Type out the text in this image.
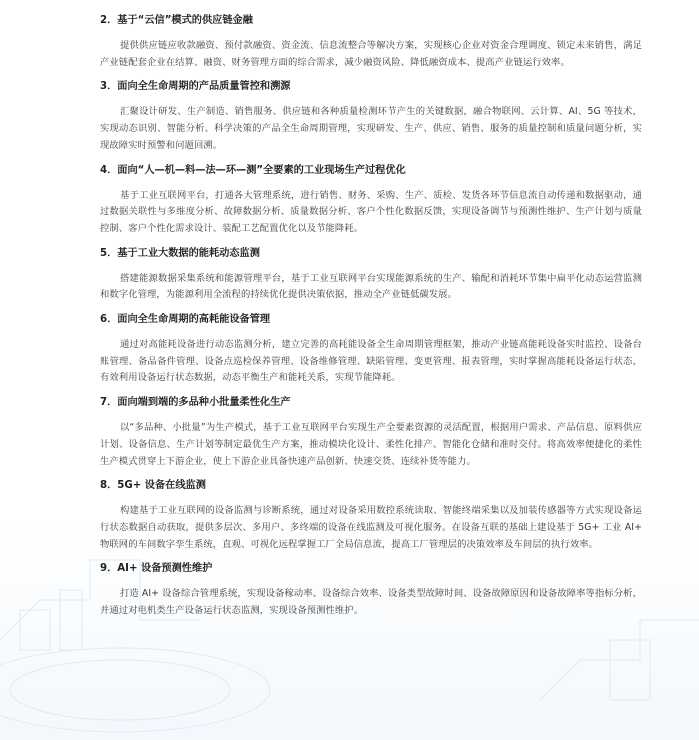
2．基于“云信”模式的供应链金融

提供供应链应收款融资、预付款融资、资金流、信息流整合等解决方案，实现核心企业对资金合理调度、锁定未来销售，满足产业链配套企业在结算、融资、财务管理方面的综合需求，减少融资风险、降低融资成本、提高产业链运行效率。

3．面向全生命周期的产品质量管控和溯源

汇聚设计研发、生产制造、销售服务、供应链和各种质量检测环节产生的关键数据，融合物联网、云计算、AI、5G 等技术，实现动态识别、智能分析、科学决策的产品全生命周期管理，实现研发、生产、供应、销售、服务的质量控制和质量问题分析，实现故障实时预警和问题回溯。

4．面向“人—机—料—法—环—测”全要素的工业现场生产过程优化

基于工业互联网平台，打通各大管理系统，进行销售、财务、采购、生产、质检、发货各环节信息流自动传递和数据驱动，通过数据关联性与多维度分析、故障数据分析、质量数据分析、客户个性化数据反馈，实现设备调节与预测性维护、生产计划与质量控制、客户个性化需求设计、装配工艺配置优化以及节能降耗。

5．基于工业大数据的能耗动态监测

搭建能源数据采集系统和能源管理平台，基于工业互联网平台实现能源系统的生产、输配和消耗环节集中扁平化动态运营监测和数字化管理，为能源利用全流程的持续优化提供决策依据，推动全产业链低碳发展。

6．面向全生命周期的高耗能设备管理

通过对高能耗设备进行动态监测分析，建立完善的高耗能设备全生命周期管理框架，推动产业链高能耗设备实时监控、设备台账管理、备品备件管理、设备点巡检保养管理、设备维修管理、缺陷管理、变更管理、报表管理，实时掌握高能耗设备运行状态，有效利用设备运行状态数据，动态平衡生产和能耗关系，实现节能降耗。

7．面向端到端的多品种小批量柔性化生产

以“多品种、小批量”为生产模式，基于工业互联网平台实现生产全要素资源的灵活配置，根据用户需求、产品信息、原料供应计划、设备信息、生产计划等制定最优生产方案，推动模块化设计、柔性化排产、智能化仓储和准时交付。将高效率便捷化的柔性生产模式贯穿上下游企业，使上下游企业具备快速产品创新、快速交货、连续补货等能力。

8．5G+ 设备在线监测

构建基于工业互联网的设备监测与诊断系统，通过对设备采用数控系统读取、智能终端采集以及加装传感器等方式实现设备运行状态数据自动获取，提供多层次、多用户、多终端的设备在线监测及可视化服务。在设备互联的基础上建设基于 5G+ 工业 AI+ 物联网的车间数字孪生系统，直观、可视化远程掌握工厂全局信息流，提高工厂管理层的决策效率及车间层的执行效率。

9．AI+ 设备预测性维护

打造 AI+ 设备综合管理系统，实现设备稼动率、设备综合效率、设备类型故障时间、设备故障原因和设备故障率等指标分析，并通过对电机类生产设备运行状态监测，实现设备预测性维护。
